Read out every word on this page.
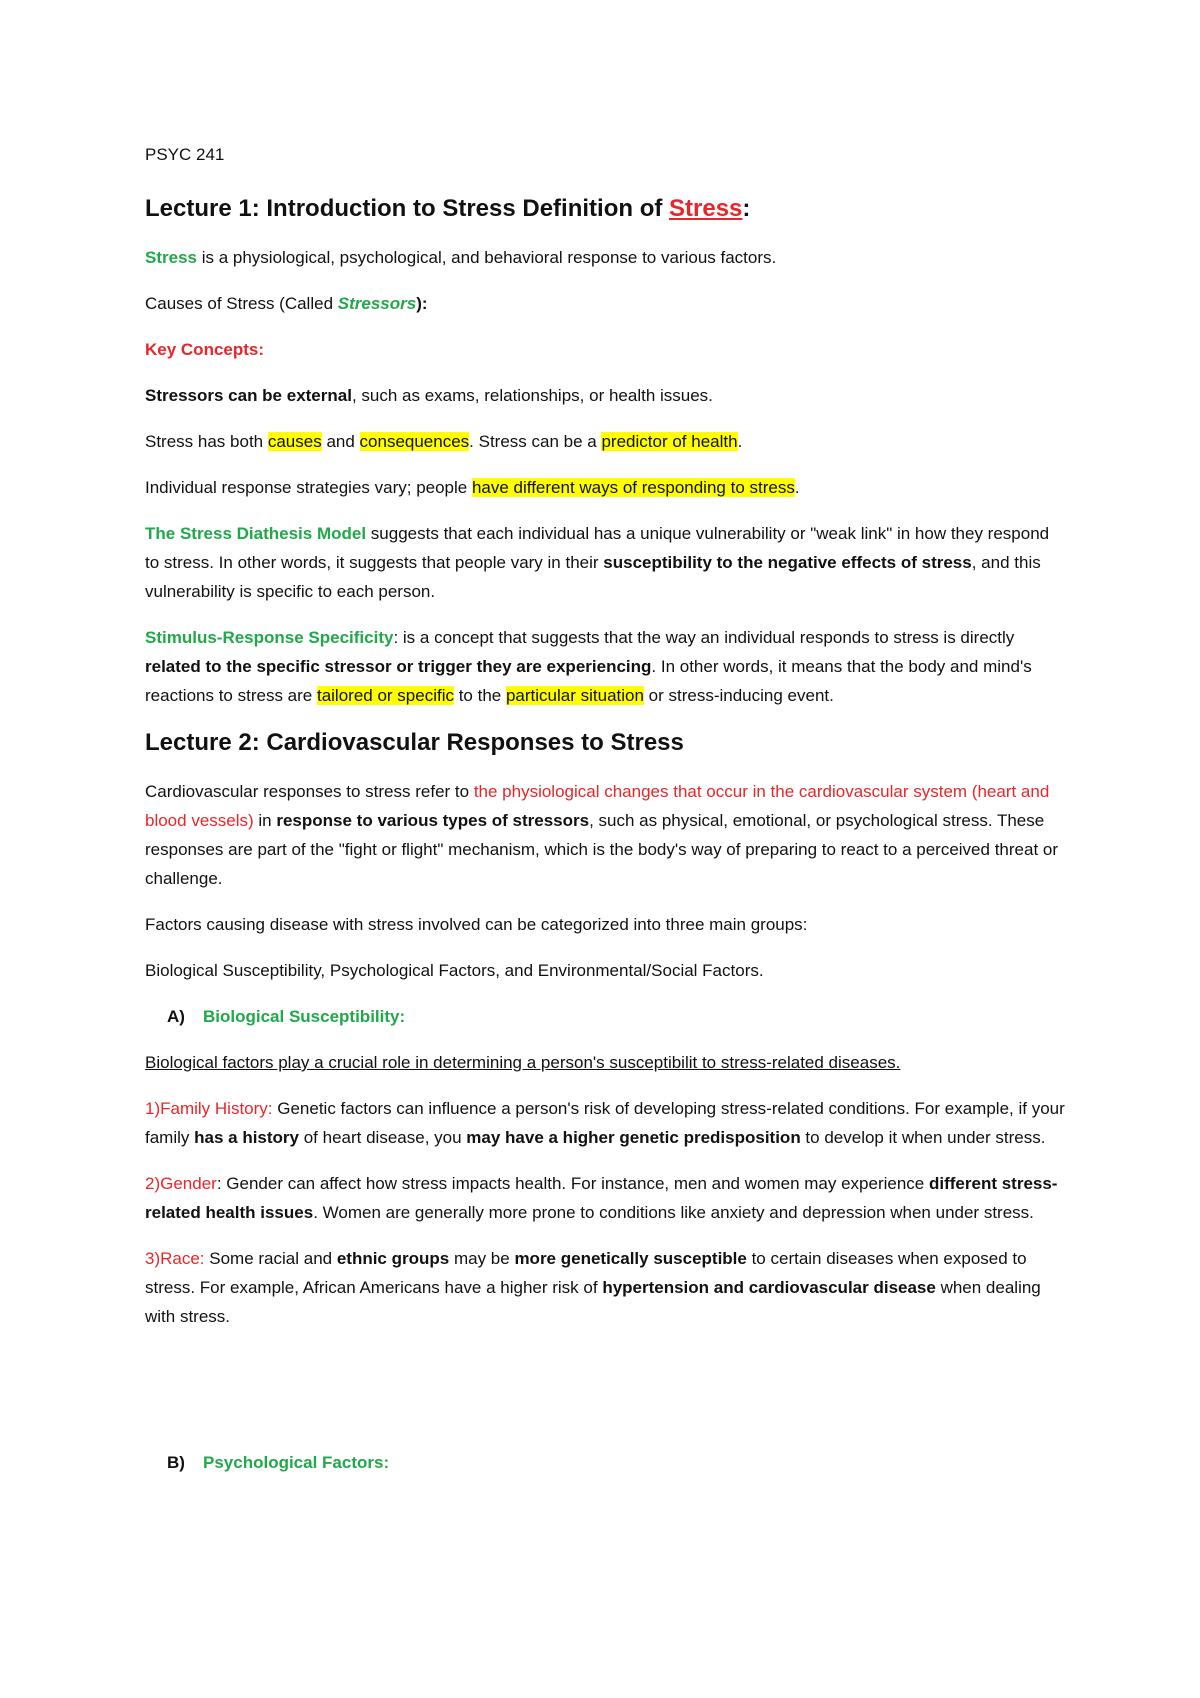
PSYC 241

Lecture 1: Introduction to Stress Definition of Stress:

Stress is a physiological, psychological, and behavioral response to various factors.

Causes of Stress (Called Stressors):

Key Concepts:

Stressors can be external, such as exams, relationships, or health issues.

Stress has both causes and consequences. Stress can be a predictor of health.

Individual response strategies vary; people have different ways of responding to stress.

The Stress Diathesis Model suggests that each individual has a unique vulnerability or "weak link" in how they respond to stress. In other words, it suggests that people vary in their susceptibility to the negative effects of stress, and this vulnerability is specific to each person.

Stimulus-Response Specificity: is a concept that suggests that the way an individual responds to stress is directly related to the specific stressor or trigger they are experiencing. In other words, it means that the body and mind's reactions to stress are tailored or specific to the particular situation or stress-inducing event.

Lecture 2: Cardiovascular Responses to Stress

Cardiovascular responses to stress refer to the physiological changes that occur in the cardiovascular system (heart and blood vessels) in response to various types of stressors, such as physical, emotional, or psychological stress. These responses are part of the "fight or flight" mechanism, which is the body's way of preparing to react to a perceived threat or challenge.

Factors causing disease with stress involved can be categorized into three main groups:

Biological Susceptibility, Psychological Factors, and Environmental/Social Factors.

A) Biological Susceptibility:

Biological factors play a crucial role in determining a person's susceptibilit to stress-related diseases.

1)Family History: Genetic factors can influence a person's risk of developing stress-related conditions. For example, if your family has a history of heart disease, you may have a higher genetic predisposition to develop it when under stress.

2)Gender: Gender can affect how stress impacts health. For instance, men and women may experience different stress-related health issues. Women are generally more prone to conditions like anxiety and depression when under stress.

3)Race: Some racial and ethnic groups may be more genetically susceptible to certain diseases when exposed to stress. For example, African Americans have a higher risk of hypertension and cardiovascular disease when dealing with stress.

B) Psychological Factors:
